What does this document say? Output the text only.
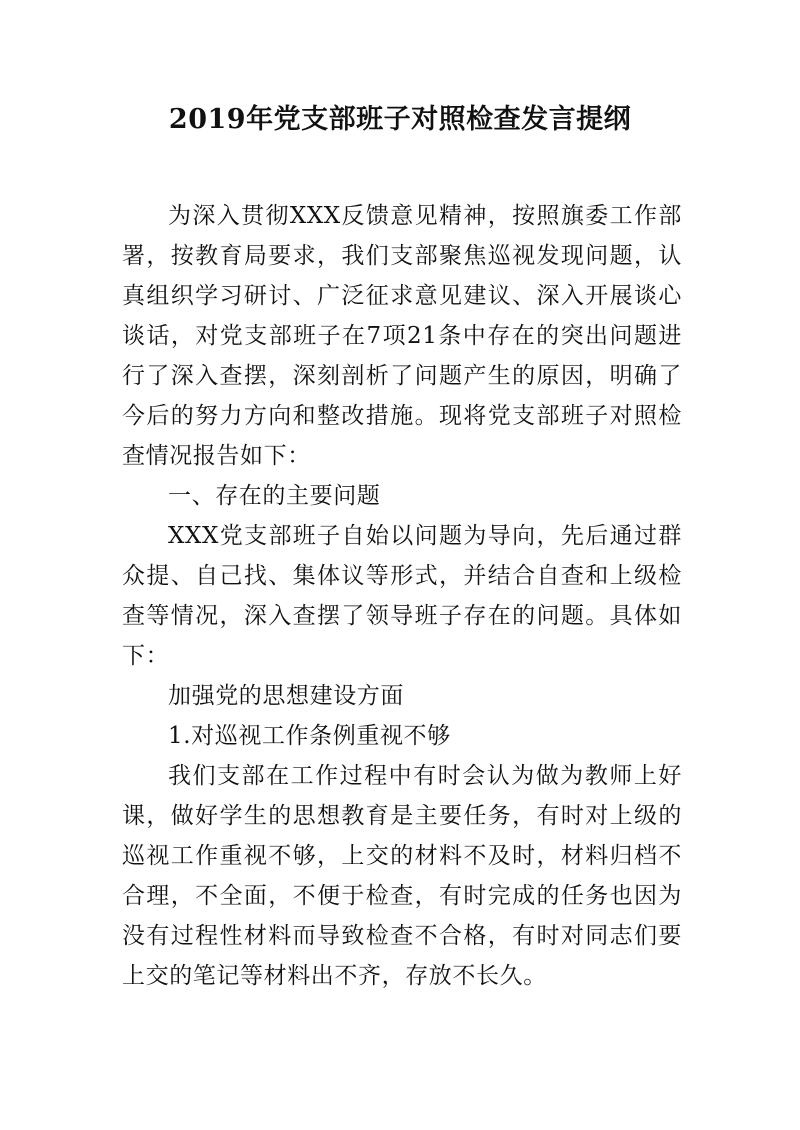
2019年党支部班子对照检查发言提纲

为深入贯彻XXX反馈意见精神，按照旗委工作部署，按教育局要求，我们支部聚焦巡视发现问题，认真组织学习研讨、广泛征求意见建议、深入开展谈心谈话，对党支部班子在7项21条中存在的突出问题进行了深入查摆，深刻剖析了问题产生的原因，明确了今后的努力方向和整改措施。现将党支部班子对照检查情况报告如下：

一、存在的主要问题

XXX党支部班子自始以问题为导向，先后通过群众提、自己找、集体议等形式，并结合自查和上级检查等情况，深入查摆了领导班子存在的问题。具体如下：

加强党的思想建设方面

1.对巡视工作条例重视不够

我们支部在工作过程中有时会认为做为教师上好课，做好学生的思想教育是主要任务，有时对上级的巡视工作重视不够，上交的材料不及时，材料归档不合理，不全面，不便于检查，有时完成的任务也因为没有过程性材料而导致检查不合格，有时对同志们要上交的笔记等材料出不齐，存放不长久。
